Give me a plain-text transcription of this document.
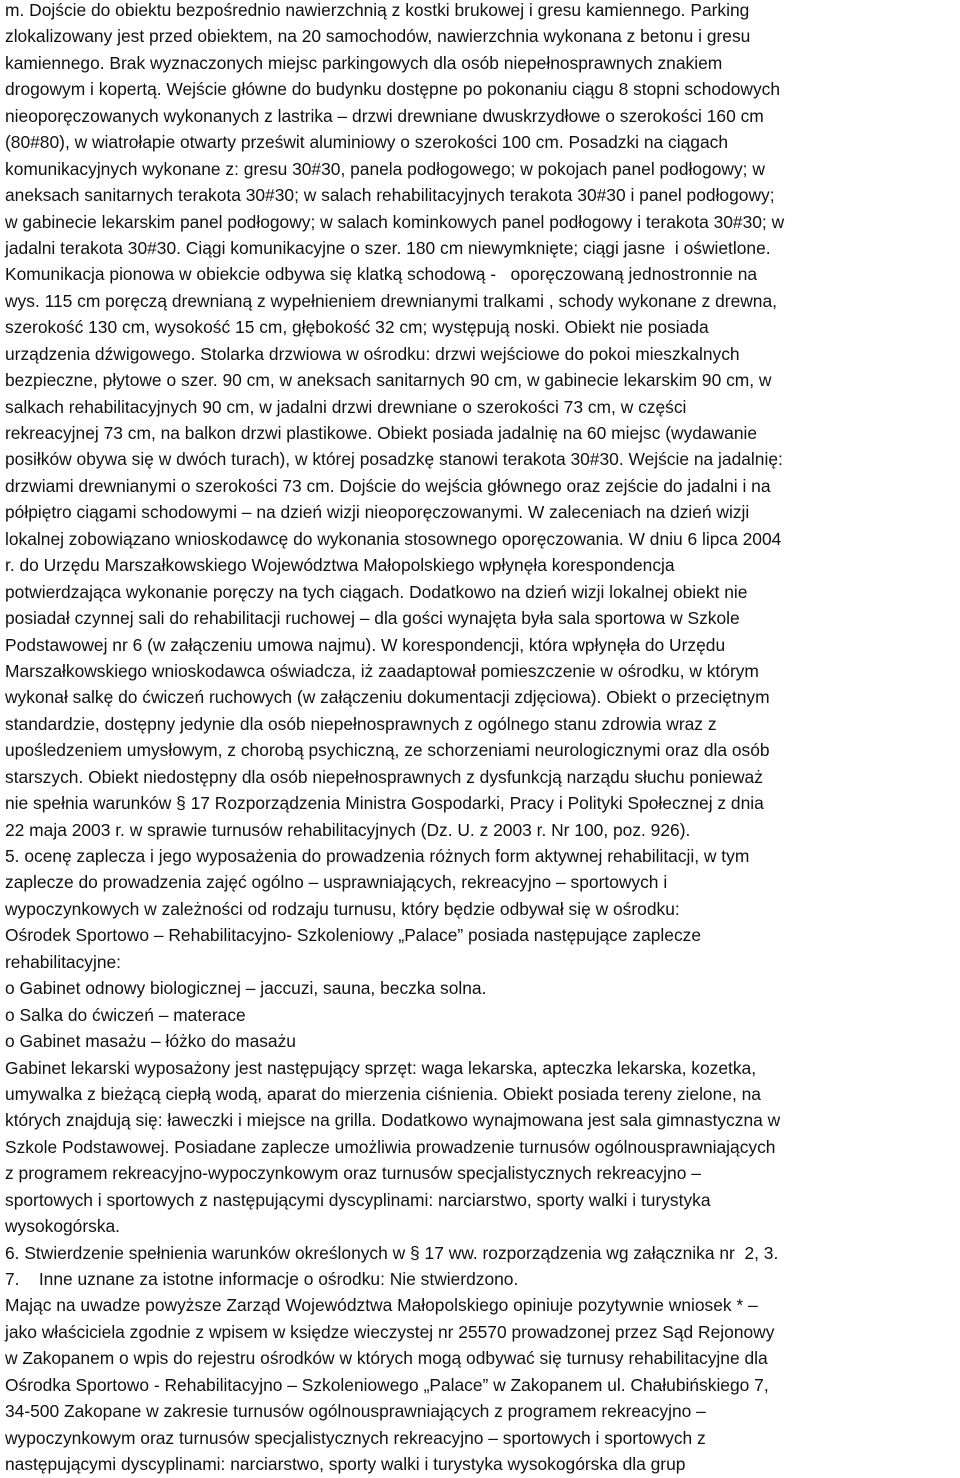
m. Dojście do obiektu bezpośrednio nawierzchnią z kostki brukowej i gresu kamiennego. Parking
zlokalizowany jest przed obiektem, na 20 samochodów, nawierzchnia wykonana z betonu i gresu
kamiennego. Brak wyznaczonych miejsc parkingowych dla osób niepełnosprawnych znakiem
drogowym i kopertą. Wejście główne do budynku dostępne po pokonaniu ciągu 8 stopni schodowych
nieoporęczowanych wykonanych z lastrika – drzwi drewniane dwuskrzydłowe o szerokości 160 cm
(80#80), w wiatrołapie otwarty prześwit aluminiowy o szerokości 100 cm. Posadzki na ciągach
komunikacyjnych wykonane z: gresu 30#30, panela podłogowego; w pokojach panel podłogowy; w
aneksach sanitarnych terakota 30#30; w salach rehabilitacyjnych terakota 30#30 i panel podłogowy;
w gabinecie lekarskim panel podłogowy; w salach kominkowych panel podłogowy i terakota 30#30; w
jadalni terakota 30#30. Ciągi komunikacyjne o szer. 180 cm niewymknięte; ciągi jasne  i oświetlone.
Komunikacja pionowa w obiekcie odbywa się klatką schodową -   oporęczowaną jednostronnie na
wys. 115 cm poręczą drewnianą z wypełnieniem drewnianymi tralkami , schody wykonane z drewna,
szerokość 130 cm, wysokość 15 cm, głębokość 32 cm; występują noski. Obiekt nie posiada
urządzenia dźwigowego. Stolarka drzwiowa w ośrodku: drzwi wejściowe do pokoi mieszkalnych
bezpieczne, płytowe o szer. 90 cm, w aneksach sanitarnych 90 cm, w gabinecie lekarskim 90 cm, w
salkach rehabilitacyjnych 90 cm, w jadalni drzwi drewniane o szerokości 73 cm, w części
rekreacyjnej 73 cm, na balkon drzwi plastikowe. Obiekt posiada jadalnię na 60 miejsc (wydawanie
posiłków obywa się w dwóch turach), w której posadzkę stanowi terakota 30#30. Wejście na jadalnię:
drzwiami drewnianymi o szerokości 73 cm. Dojście do wejścia głównego oraz zejście do jadalni i na
półpiętro ciągami schodowymi – na dzień wizji nieoporęczowanymi. W zaleceniach na dzień wizji
lokalnej zobowiązano wnioskodawcę do wykonania stosownego oporęczowania. W dniu 6 lipca 2004
r. do Urzędu Marszałkowskiego Województwa Małopolskiego wpłynęła korespondencja
potwierdzająca wykonanie poręczy na tych ciągach. Dodatkowo na dzień wizji lokalnej obiekt nie
posiadał czynnej sali do rehabilitacji ruchowej – dla gości wynajęta była sala sportowa w Szkole
Podstawowej nr 6 (w załączeniu umowa najmu). W korespondencji, która wpłynęła do Urzędu
Marszałkowskiego wnioskodawca oświadcza, iż zaadaptował pomieszczenie w ośrodku, w którym
wykonał salkę do ćwiczeń ruchowych (w załączeniu dokumentacji zdjęciowa). Obiekt o przeciętnym
standardzie, dostępny jedynie dla osób niepełnosprawnych z ogólnego stanu zdrowia wraz z
upośledzeniem umysłowym, z chorobą psychiczną, ze schorzeniami neurologicznymi oraz dla osób
starszych. Obiekt niedostępny dla osób niepełnosprawnych z dysfunkcją narządu słuchu ponieważ
nie spełnia warunków § 17 Rozporządzenia Ministra Gospodarki, Pracy i Polityki Społecznej z dnia
22 maja 2003 r. w sprawie turnusów rehabilitacyjnych (Dz. U. z 2003 r. Nr 100, poz. 926).
5. ocenę zaplecza i jego wyposażenia do prowadzenia różnych form aktywnej rehabilitacji, w tym
zaplecze do prowadzenia zajęć ogólno – usprawniających, rekreacyjno – sportowych i
wypoczynkowych w zależności od rodzaju turnusu, który będzie odbywał się w ośrodku:
Ośrodek Sportowo – Rehabilitacyjno- Szkoleniowy „Palace” posiada następujące zaplecze
rehabilitacyjne:
o Gabinet odnowy biologicznej – jaccuzi, sauna, beczka solna.
o Salka do ćwiczeń – materace
o Gabinet masażu – łóżko do masażu
Gabinet lekarski wyposażony jest następujący sprzęt: waga lekarska, apteczka lekarska, kozetka,
umywalka z bieżącą ciepłą wodą, aparat do mierzenia ciśnienia. Obiekt posiada tereny zielone, na
których znajdują się: ławeczki i miejsce na grilla. Dodatkowo wynajmowana jest sala gimnastyczna w
Szkole Podstawowej. Posiadane zaplecze umożliwia prowadzenie turnusów ogólnousprawniających
z programem rekreacyjno-wypoczynkowym oraz turnusów specjalistycznych rekreacyjno –
sportowych i sportowych z następującymi dyscyplinami: narciarstwo, sporty walki i turystyka
wysokogórska.
6. Stwierdzenie spełnienia warunków określonych w § 17 ww. rozporządzenia wg załącznika nr  2, 3.
7.    Inne uznane za istotne informacje o ośrodku: Nie stwierdzono.
Mając na uwadze powyższe Zarząd Województwa Małopolskiego opiniuje pozytywnie wniosek * –
jako właściciela zgodnie z wpisem w księdze wieczystej nr 25570 prowadzonej przez Sąd Rejonowy
w Zakopanem o wpis do rejestru ośrodków w których mogą odbywać się turnusy rehabilitacyjne dla
Ośrodka Sportowo - Rehabilitacyjno – Szkoleniowego „Palace” w Zakopanem ul. Chałubińskiego 7,
34-500 Zakopane w zakresie turnusów ogólnousprawniających z programem rekreacyjno –
wypoczynkowym oraz turnusów specjalistycznych rekreacyjno – sportowych i sportowych z
następującymi dyscyplinami: narciarstwo, sporty walki i turystyka wysokogórska dla grup
